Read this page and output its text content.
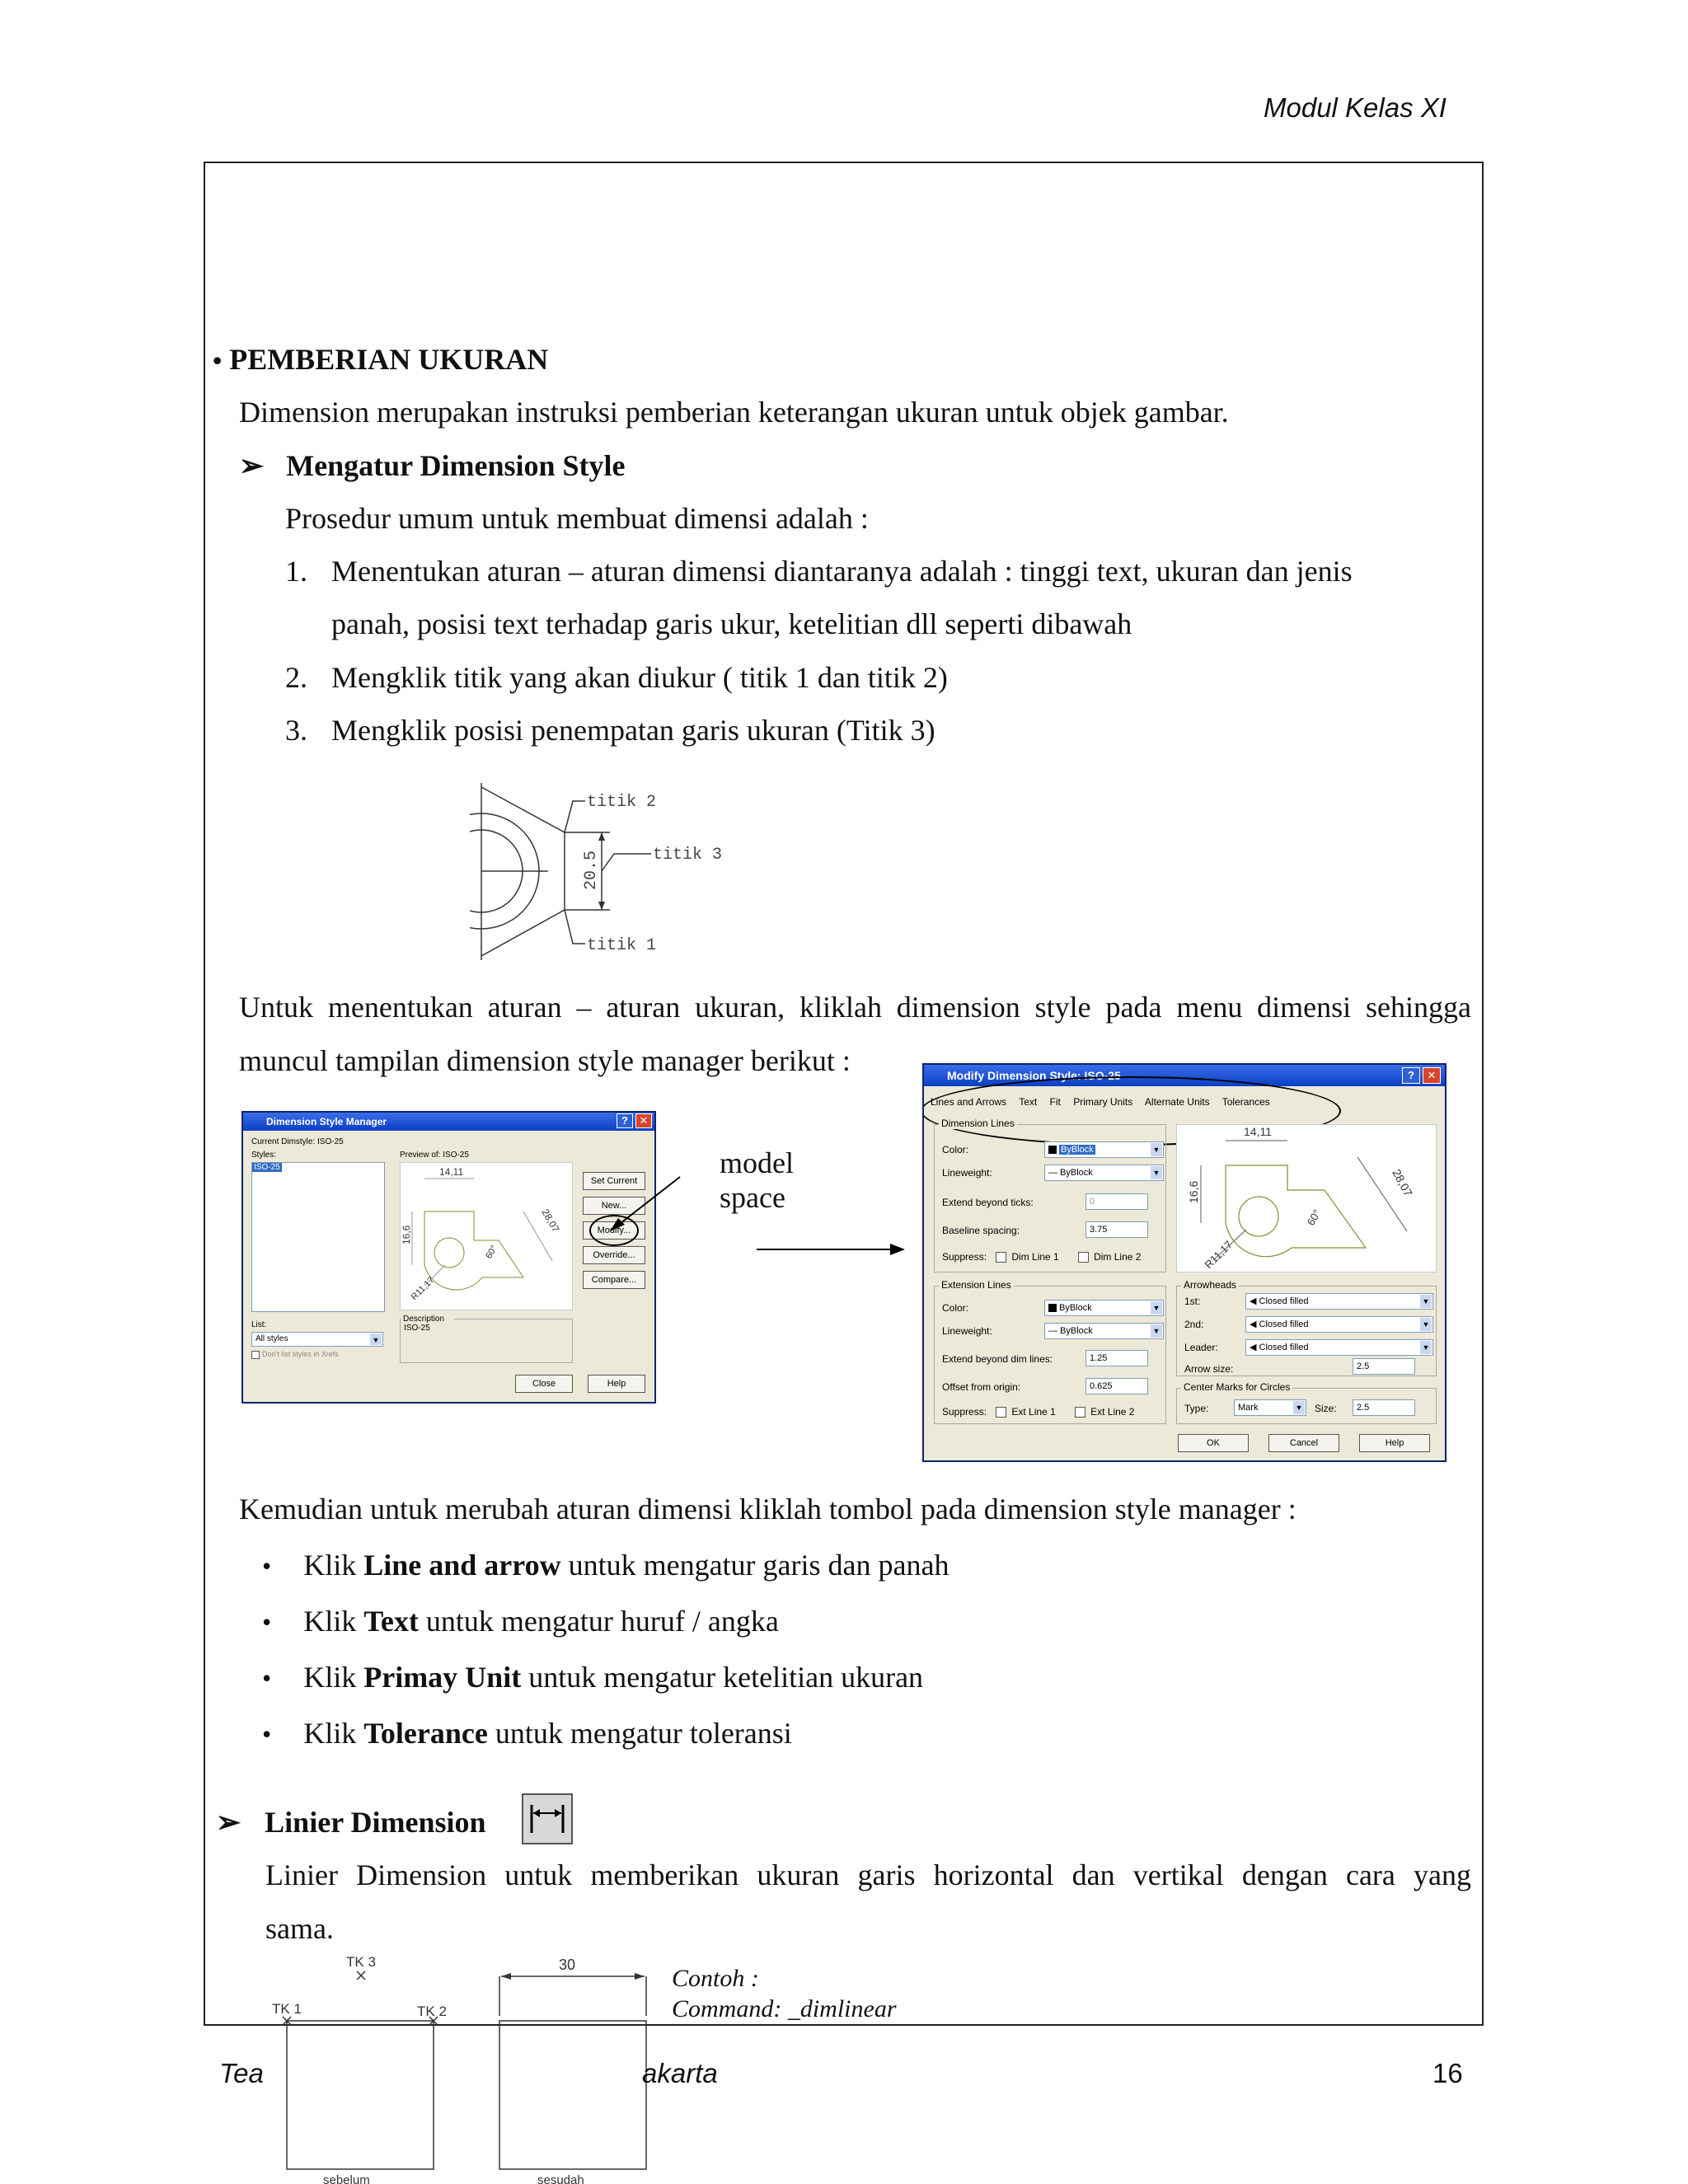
Modul Kelas XI
• PEMBERIAN UKURAN
Dimension merupakan instruksi pemberian keterangan ukuran untuk objek gambar.
➢ Mengatur Dimension Style
Prosedur umum untuk membuat dimensi adalah :
1. Menentukan aturan – aturan dimensi diantaranya adalah : tinggi text, ukuran dan jenis
panah, posisi text terhadap garis ukur, ketelitian dll seperti dibawah
2. Mengklik titik yang akan diukur ( titik 1 dan titik 2)
3. Mengklik posisi penempatan garis ukuran (Titik 3)
titik 2
titik 3
titik 1
20.5
Untuk menentukan aturan – aturan ukuran, kliklah dimension style pada menu dimensi sehingga
muncul tampilan dimension style manager berikut :
Dimension Style Manager	?	✕
Current Dimstyle: ISO-25
Styles:
ISO-25
Preview of: ISO-25
14,11
16,6
28,07
60°
R11,17
Set Current
New...
Modify...
Override...
Compare...
List:
All styles	▼
Don't list styles in Xrefs
Description
ISO-25
Close	Help
model
space
Modify Dimension Style: ISO-25	?	✕
Lines and Arrows Text Fit Primary Units Alternate Units Tolerances
Dimension Lines
Color:	ByBlock	▼
Lineweight:	— ByBlock	▼
Extend beyond ticks:	0
Baseline spacing:	3.75
Suppress:	Dim Line 1	Dim Line 2
14,11
16,6	28,07
60°
R11,17
Extension Lines
Color:	ByBlock	▼
Lineweight:	— ByBlock	▼
Extend beyond dim lines:	1.25
Offset from origin:	0.625
Suppress:	Ext Line 1	Ext Line 2
Arrowheads
1st:	◀ Closed filled	▼
2nd:	◀ Closed filled	▼
Leader:	◀ Closed filled	▼
Arrow size:	2.5
Center Marks for Circles
Type:	Mark	▼ Size:	2.5
OK	Cancel	Help
Kemudian untuk merubah aturan dimensi kliklah tombol pada dimension style manager :
• Klik Line and arrow untuk mengatur garis dan panah
• Klik Text untuk mengatur huruf / angka
• Klik Primay Unit untuk mengatur ketelitian ukuran
• Klik Tolerance untuk mengatur toleransi
➢ Linier Dimension
Linier Dimension untuk memberikan ukuran garis horizontal dan vertikal dengan cara yang
sama.
TK 3
TK 1	TK 2
30
sebelum	sesudah
Contoh :
Command: _dimlinear
Tea	akarta	16
